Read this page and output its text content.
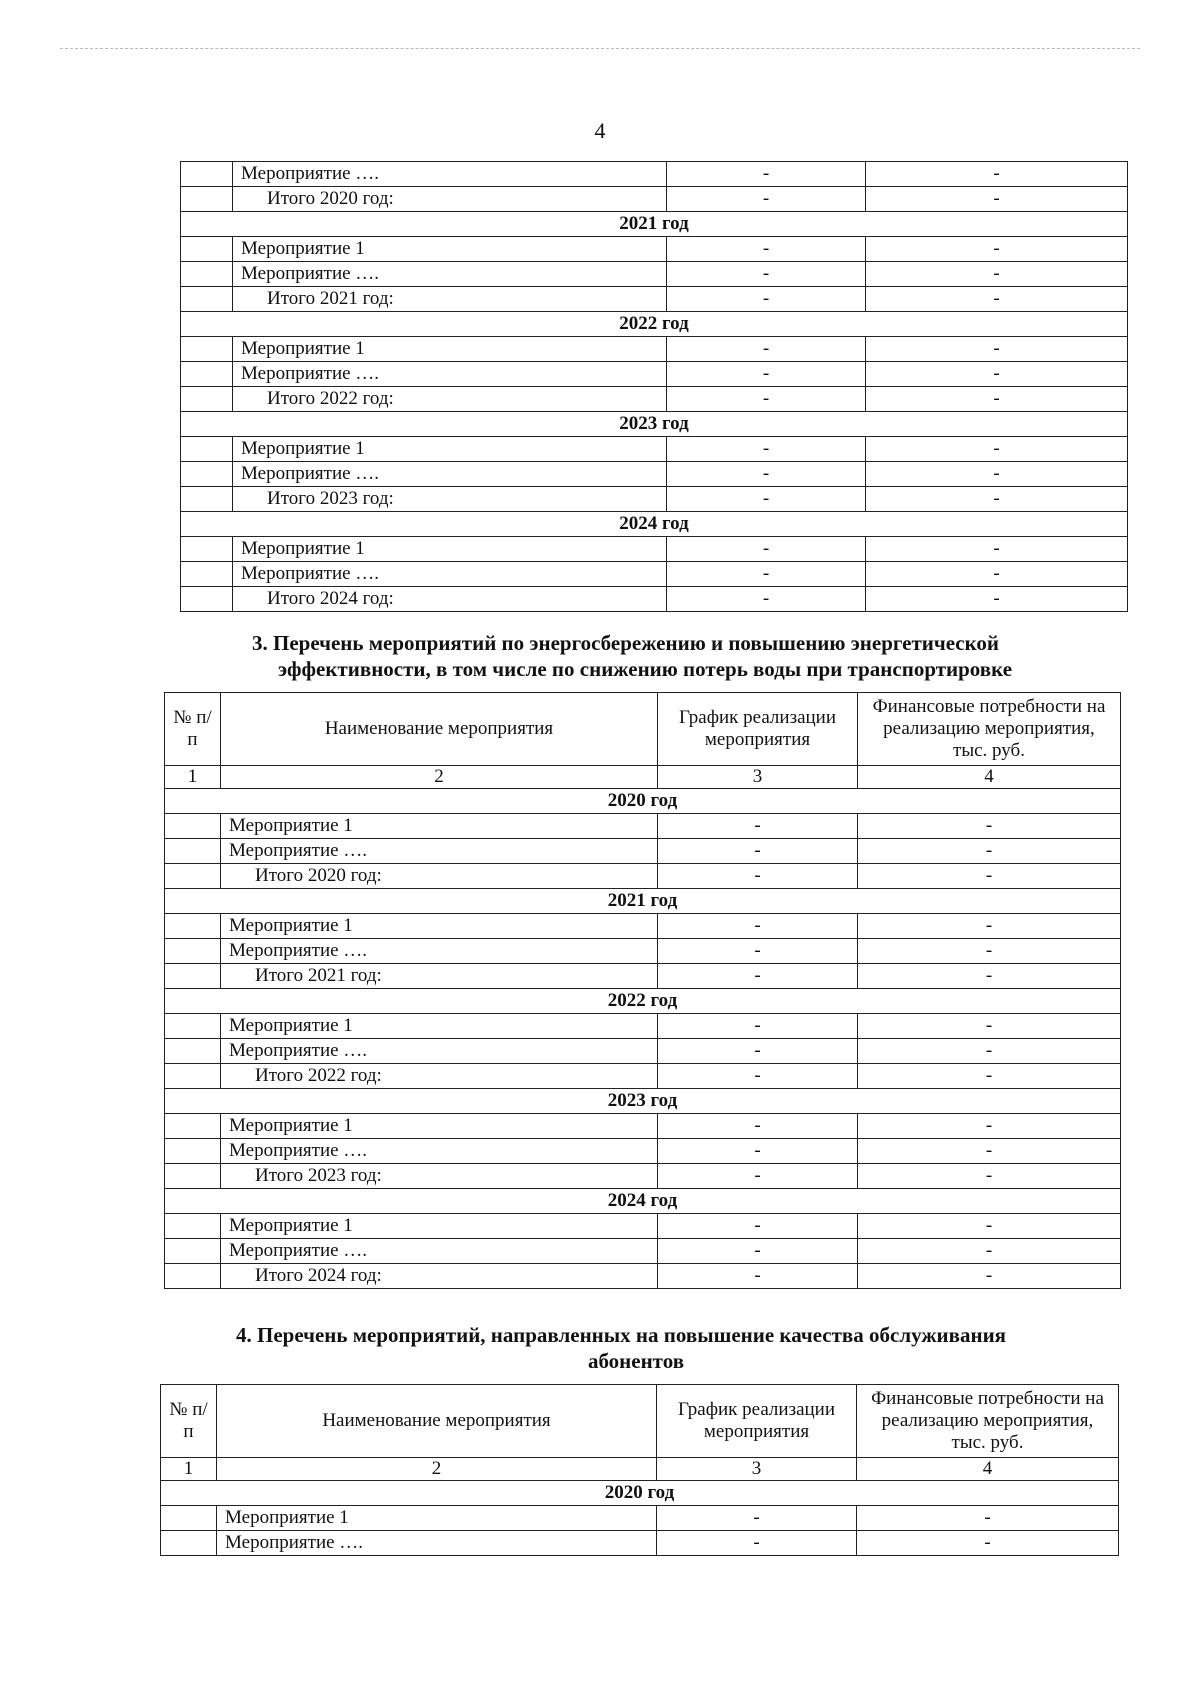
4
	Мероприятие ….	-	-
	Итого 2020 год:	-	-
2021 год			
	Мероприятие 1	-	-
	Мероприятие ….	-	-
	Итого 2021 год:	-	-
2022 год			
	Мероприятие 1	-	-
	Мероприятие ….	-	-
	Итого 2022 год:	-	-
2023 год			
	Мероприятие 1	-	-
	Мероприятие ….	-	-
	Итого 2023 год:	-	-
2024 год			
	Мероприятие 1	-	-
	Мероприятие ….	-	-
	Итого 2024 год:	-	-
3. Перечень мероприятий по энергосбережению и повышению энергетической
эффективности, в том числе по снижению потерь воды при транспортировке
№ п/п	Наименование мероприятия	График реализации мероприятия	Финансовые потребности на реализацию мероприятия, тыс. руб.
1	2	3	4
2020 год			
	Мероприятие 1	-	-
	Мероприятие ….	-	-
	Итого 2020 год:	-	-
2021 год			
	Мероприятие 1	-	-
	Мероприятие ….	-	-
	Итого 2021 год:	-	-
2022 год			
	Мероприятие 1	-	-
	Мероприятие ….	-	-
	Итого 2022 год:	-	-
2023 год			
	Мероприятие 1	-	-
	Мероприятие ….	-	-
	Итого 2023 год:	-	-
2024 год			
	Мероприятие 1	-	-
	Мероприятие ….	-	-
	Итого 2024 год:	-	-
4. Перечень мероприятий, направленных на повышение качества обслуживания
абонентов
№ п/п	Наименование мероприятия	График реализации мероприятия	Финансовые потребности на реализацию мероприятия, тыс. руб.
1	2	3	4
2020 год			
	Мероприятие 1	-	-
	Мероприятие ….	-	-
